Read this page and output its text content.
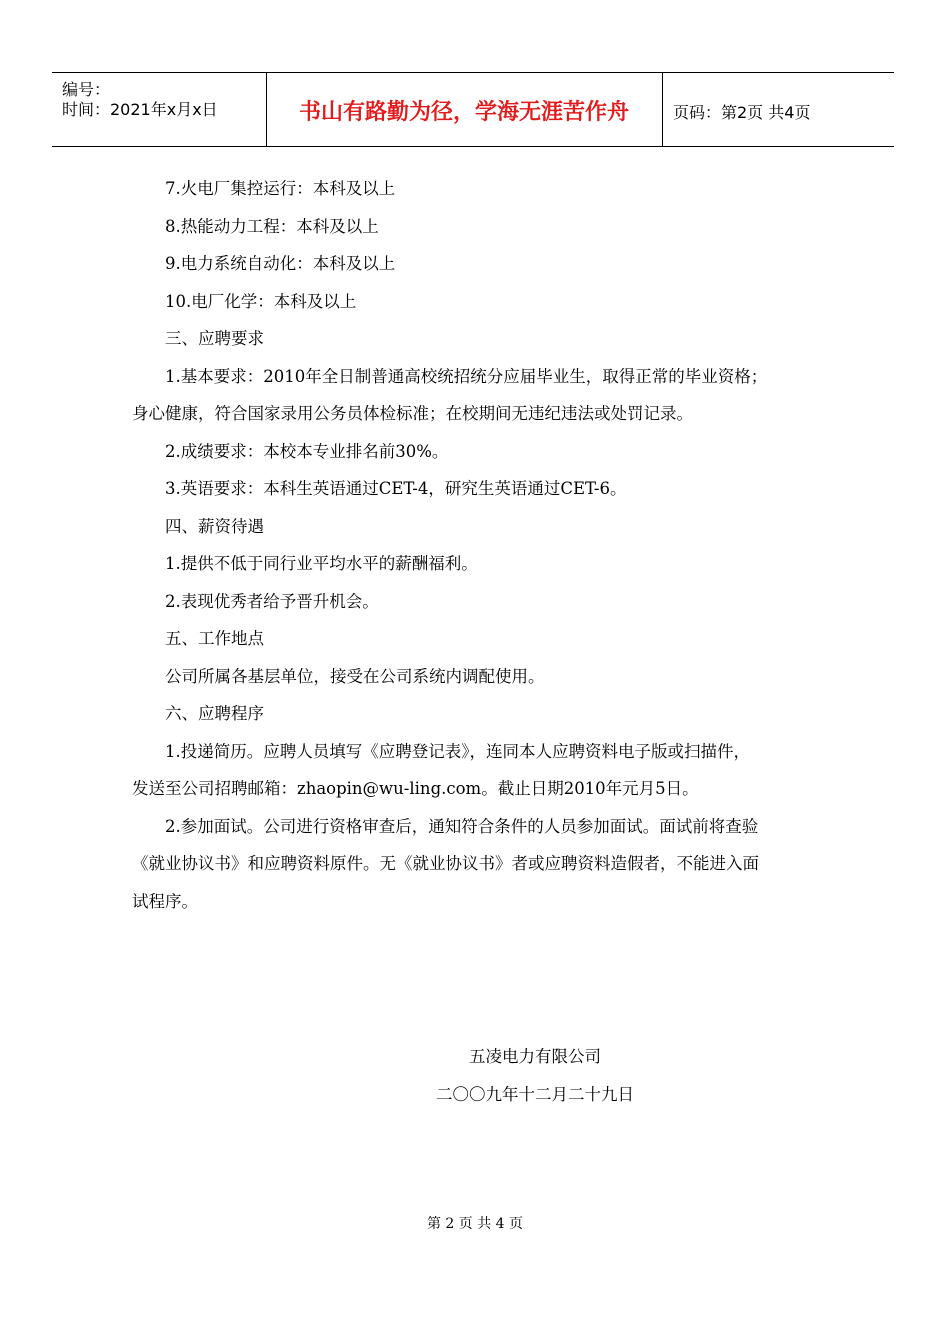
编号：
时间：2021年x月x日	书山有路勤为径，学海无涯苦作舟	页码：第2页 共4页

7.火电厂集控运行：本科及以上

8.热能动力工程：本科及以上

9.电力系统自动化：本科及以上

10.电厂化学：本科及以上

三、应聘要求

1.基本要求：2010年全日制普通高校统招统分应届毕业生，取得正常的毕业资格；

身心健康，符合国家录用公务员体检标准；在校期间无违纪违法或处罚记录。

2.成绩要求：本校本专业排名前30%。

3.英语要求：本科生英语通过CET-4，研究生英语通过CET-6。

四、薪资待遇

1.提供不低于同行业平均水平的薪酬福利。

2.表现优秀者给予晋升机会。

五、工作地点

公司所属各基层单位，接受在公司系统内调配使用。

六、应聘程序

1.投递简历。应聘人员填写《应聘登记表》，连同本人应聘资料电子版或扫描件，

发送至公司招聘邮箱：zhaopin@wu-ling.com。截止日期2010年元月5日。

2.参加面试。公司进行资格审查后，通知符合条件的人员参加面试。面试前将查验

《就业协议书》和应聘资料原件。无《就业协议书》者或应聘资料造假者，不能进入面

试程序。

五凌电力有限公司
二〇〇九年十二月二十九日
第 2 页 共 4 页
